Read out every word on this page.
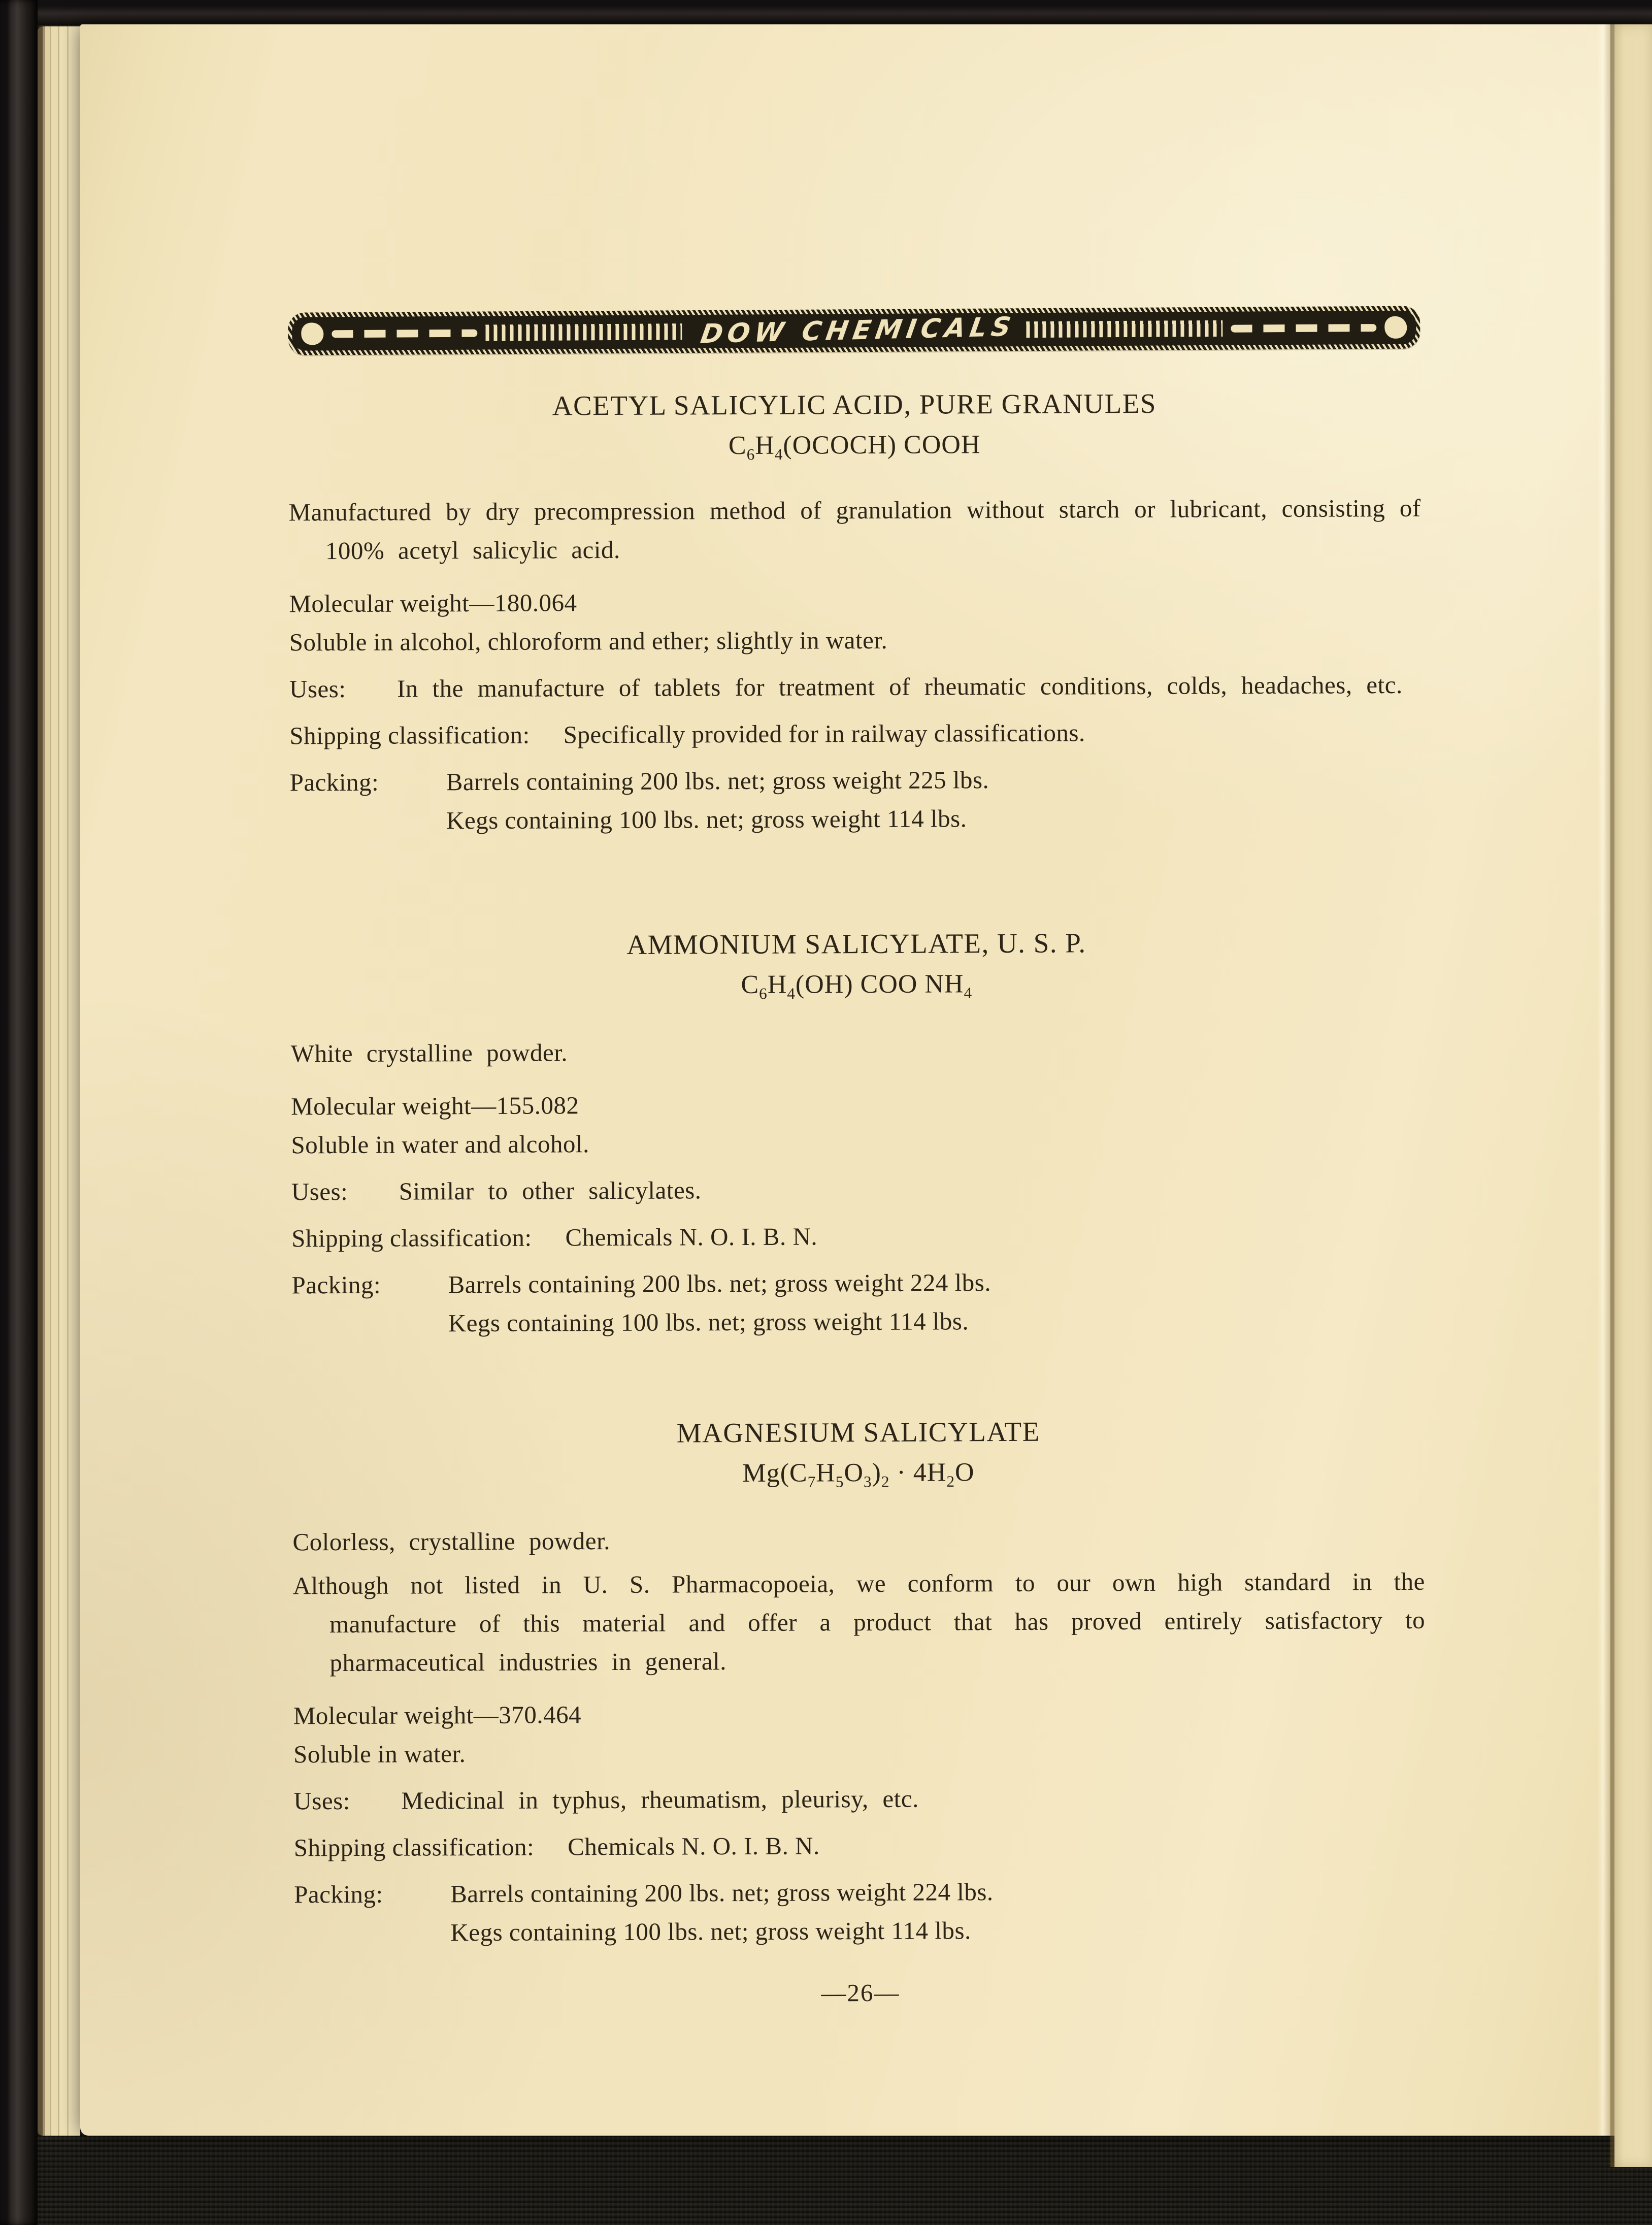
DOW CHEMICALS
ACETYL SALICYLIC ACID, PURE GRANULES
$C_6H_4(OCOCH)$ COOH
Manufactured by dry precompression method of granulation without starch or lubricant, consisting of 100% acetyl salicylic acid.
Molecular weight—180.064
Soluble in alcohol, chloroform and ether; slightly in water.
Uses:	In the manufacture of tablets for treatment of rheumatic conditions, colds, headaches, etc.
Shipping classification: Specifically provided for in railway classifications.
Packing:	Barrels containing 200 lbs. net; gross weight 225 lbs.
Kegs containing 100 lbs. net; gross weight 114 lbs.
AMMONIUM SALICYLATE, U. S. P.
$C_6H_4(OH)$ COO $NH_4$
White crystalline powder.
Molecular weight—155.082
Soluble in water and alcohol.
Uses:	Similar to other salicylates.
Shipping classification: Chemicals N. O. I. B. N.
Packing:	Barrels containing 200 lbs. net; gross weight 224 lbs.
Kegs containing 100 lbs. net; gross weight 114 lbs.
MAGNESIUM SALICYLATE
$Mg(C_7H_5O_3)_2 \cdot 4H_2O$
Colorless, crystalline powder.
Although not listed in U. S. Pharmacopoeia, we conform to our own high standard in the manufacture of this material and offer a product that has proved entirely satisfactory to pharmaceutical industries in general.
Molecular weight—370.464
Soluble in water.
Uses:	Medicinal in typhus, rheumatism, pleurisy, etc.
Shipping classification: Chemicals N. O. I. B. N.
Packing:	Barrels containing 200 lbs. net; gross weight 224 lbs.
Kegs containing 100 lbs. net; gross weight 114 lbs.
—26—
